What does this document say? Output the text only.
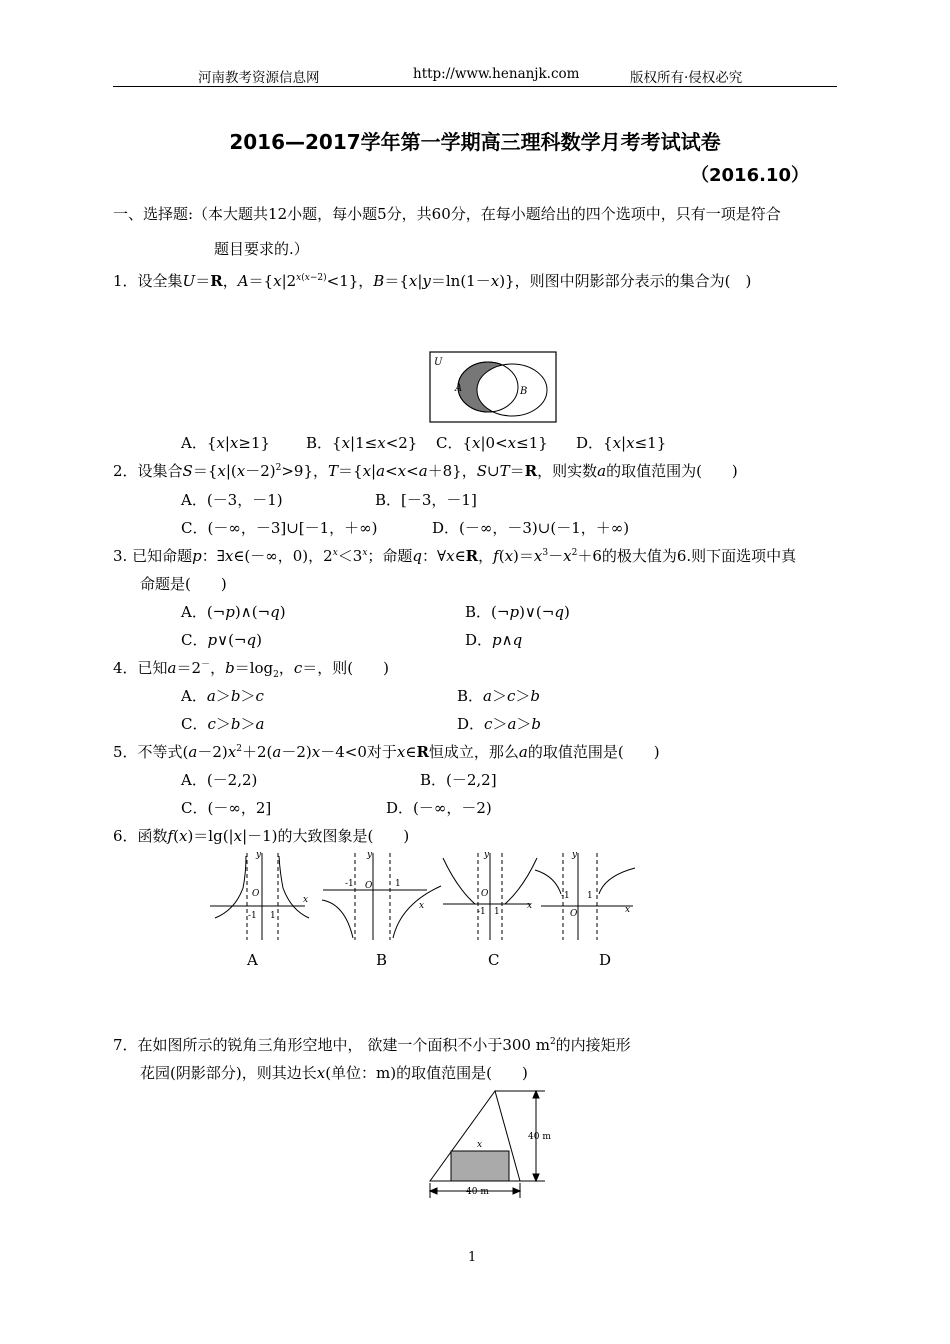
河南教考资源信息网	http://www.henanjk.com	版权所有·侵权必究
2016—2017学年第一学期高三理科数学月考考试试卷
（2016.10）
一、选择题:（本大题共12小题，每小题5分，共60分，在每小题给出的四个选项中，只有一项是符合
题目要求的.）
1．设全集U＝R，$A=\{x|2^{x(x-2)}<1\}$，B＝{x|y＝ln(1－x)}，则图中阴影部分表示的集合为(　)
U
A	B
A．{x|x≥1} B．{x|1≤x<2} C．{x|0<x≤1} D．{x|x≤1}
2．设集合$S=\{x|(x-2)^2>9\}$，T＝{x|a<x<a＋8}，S∪T＝R，则实数a的取值范围为(　　)
A．(－3，－1)	B．[－3，－1]
C．(－∞，－3]∪[－1，＋∞)	D．(－∞，－3)∪(－1，＋∞)
3. 已知命题p：∃x∈(－∞，0)，$2^x<3^x$；命题q：∀x∈R，$f(x)=x^3-x^2+6$的极大值为6.则下面选项中真
命题是(　　)
A．(¬p)∧(¬q)	B．(¬p)∨(¬q)
C．p∨(¬q)	D．p∧q
4．已知a＝2－，$b=\log_2$，c＝，则(　　)
A．a＞b＞c	B．a＞c＞b
C．c＞b＞a	D．c＞a＞b
5．不等式$(a-2)x^2+2(a-2)x-4<0$对于x∈R恒成立，那么a的取值范围是(　　)
A．(－2,2)	B．(－2,2]
C．(－∞，2]	D．(－∞，－2)
6．函数f(x)＝lg(|x|－1)的大致图象是(　　)
y
x
O
-1 1
y
x
O
-1	1
y
x
O
-1 1
y
x
O
-1 1
A	B	C	D
7．在如图所示的锐角三角形空地中， 欲建一个面积不小于300 $m^2$的内接矩形
花园(阴影部分)，则其边长x(单位：m)的取值范围是(　　)
x
40 m
40 m
1
